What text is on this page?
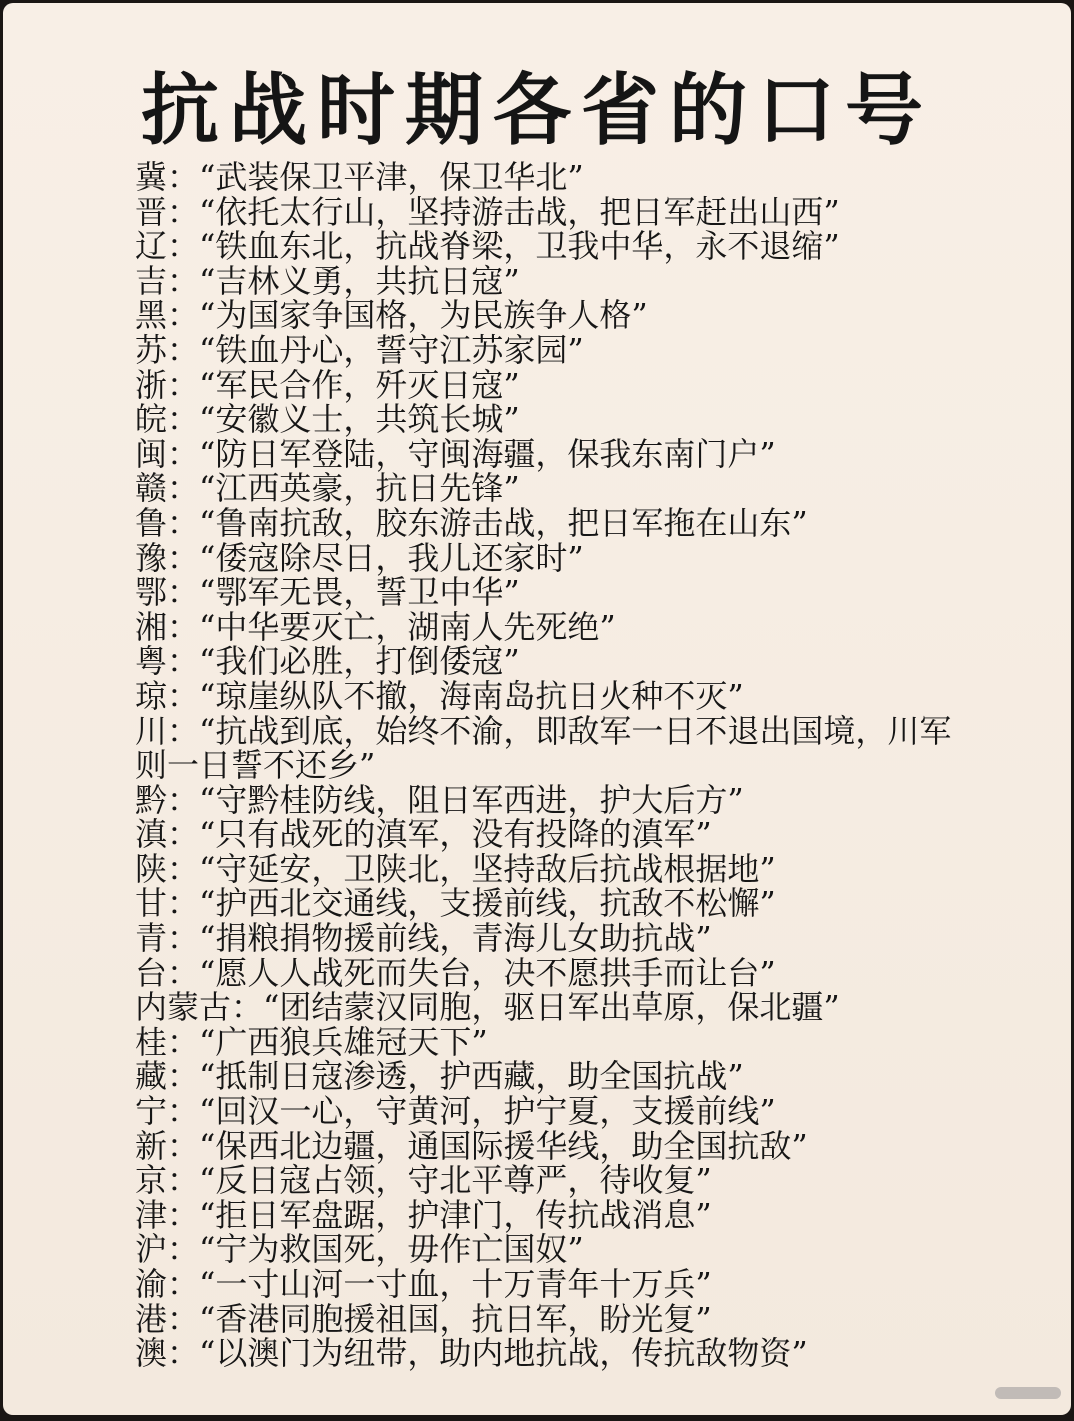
抗战时期各省的口号
冀：“武装保卫平津，保卫华北”
晋：“依托太行山，坚持游击战，把日军赶出山西”
辽：“铁血东北，抗战脊梁，卫我中华，永不退缩”
吉：“吉林义勇，共抗日寇”
黑：“为国家争国格，为民族争人格”
苏：“铁血丹心，誓守江苏家园”
浙：“军民合作，歼灭日寇”
皖：“安徽义士，共筑长城”
闽：“防日军登陆，守闽海疆，保我东南门户”
赣：“江西英豪，抗日先锋”
鲁：“鲁南抗敌，胶东游击战，把日军拖在山东”
豫：“倭寇除尽日，我儿还家时”
鄂：“鄂军无畏，誓卫中华”
湘：“中华要灭亡，湖南人先死绝”
粤：“我们必胜，打倒倭寇”
琼：“琼崖纵队不撤，海南岛抗日火种不灭”
川：“抗战到底，始终不渝，即敌军一日不退出国境，川军则一日誓不还乡”
黔：“守黔桂防线，阻日军西进，护大后方”
滇：“只有战死的滇军，没有投降的滇军”
陕：“守延安，卫陕北，坚持敌后抗战根据地”
甘：“护西北交通线，支援前线，抗敌不松懈”
青：“捐粮捐物援前线，青海儿女助抗战”
台：“愿人人战死而失台，决不愿拱手而让台”
内蒙古：“团结蒙汉同胞，驱日军出草原，保北疆”
桂：“广西狼兵雄冠天下”
藏：“抵制日寇渗透，护西藏，助全国抗战”
宁：“回汉一心，守黄河，护宁夏，支援前线”
新：“保西北边疆，通国际援华线，助全国抗敌”
京：“反日寇占领，守北平尊严，待收复”
津：“拒日军盘踞，护津门，传抗战消息”
沪：“宁为救国死，毋作亡国奴”
渝：“一寸山河一寸血，十万青年十万兵”
港：“香港同胞援祖国，抗日军，盼光复”
澳：“以澳门为纽带，助内地抗战，传抗敌物资”
